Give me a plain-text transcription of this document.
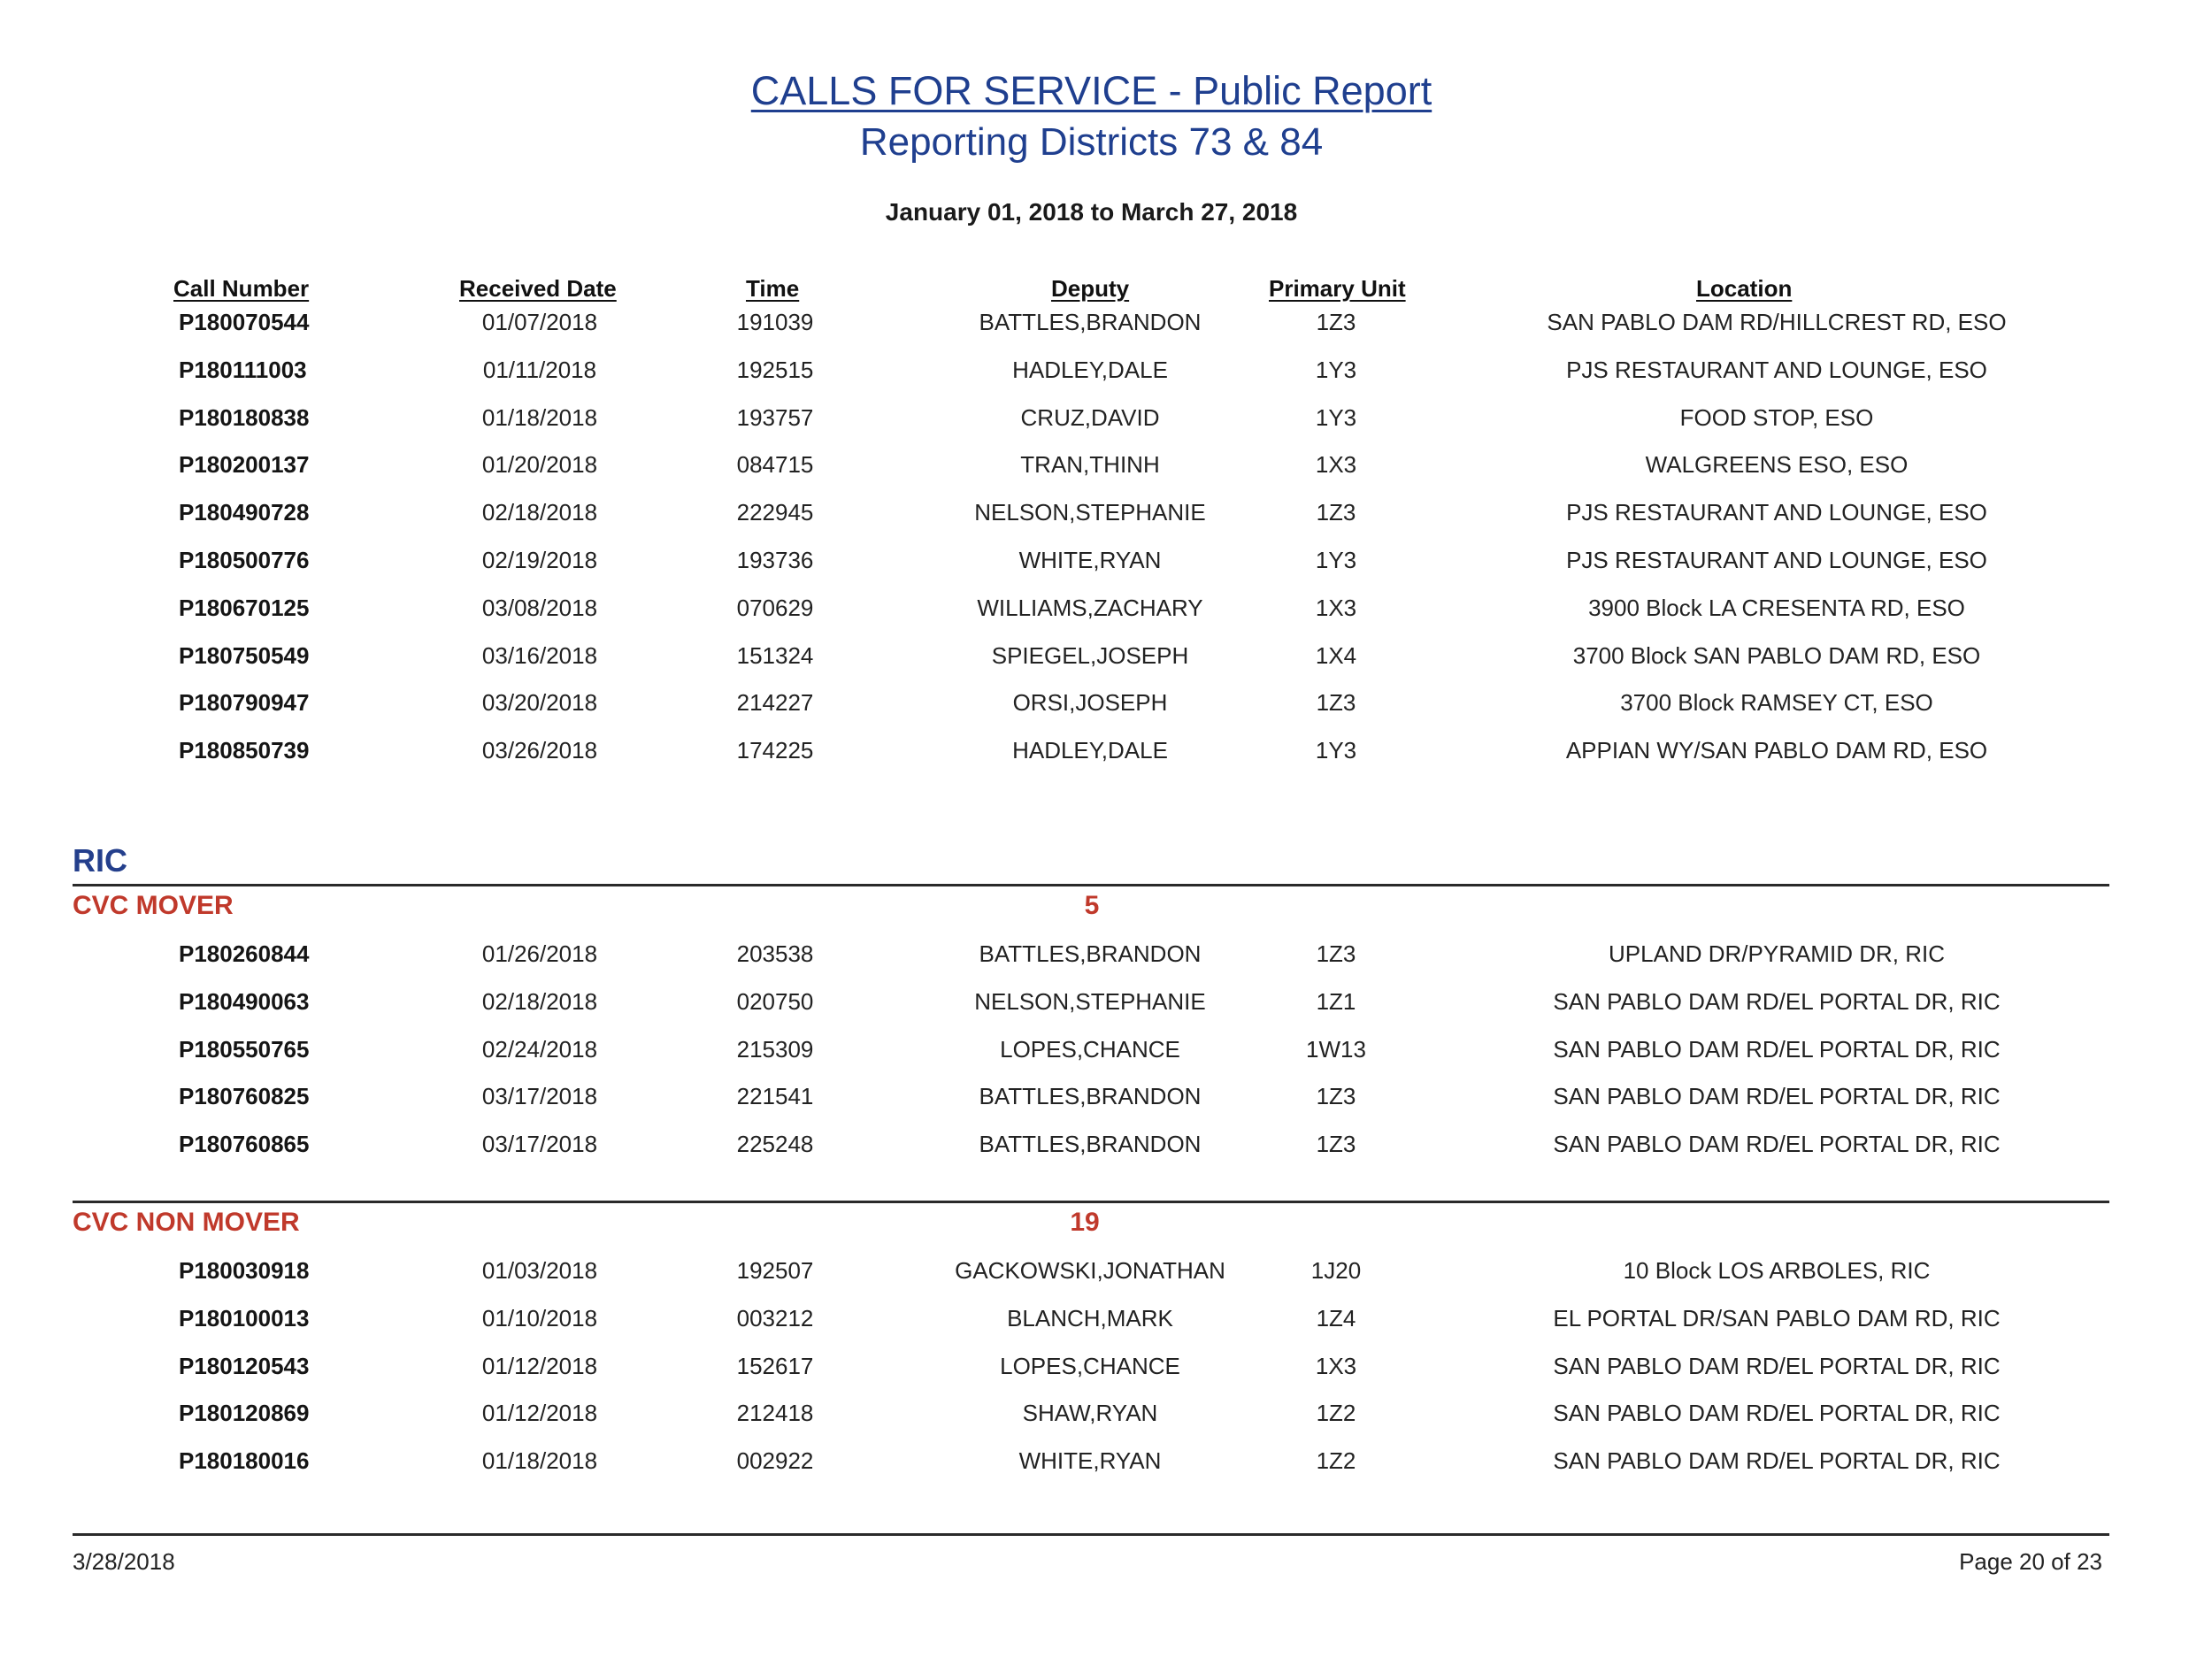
CALLS FOR SERVICE - Public Report
Reporting Districts 73 & 84
January 01, 2018 to March 27, 2018
Call Number	Received Date	Time	Deputy	Primary Unit	Location
P180070544	01/07/2018	191039	BATTLES,BRANDON	1Z3	SAN PABLO DAM RD/HILLCREST RD, ESO
P180111003	01/11/2018	192515	HADLEY,DALE	1Y3	PJS RESTAURANT AND LOUNGE, ESO
P180180838	01/18/2018	193757	CRUZ,DAVID	1Y3	FOOD STOP, ESO
P180200137	01/20/2018	084715	TRAN,THINH	1X3	WALGREENS ESO, ESO
P180490728	02/18/2018	222945	NELSON,STEPHANIE	1Z3	PJS RESTAURANT AND LOUNGE, ESO
P180500776	02/19/2018	193736	WHITE,RYAN	1Y3	PJS RESTAURANT AND LOUNGE, ESO
P180670125	03/08/2018	070629	WILLIAMS,ZACHARY	1X3	3900 Block LA CRESENTA RD, ESO
P180750549	03/16/2018	151324	SPIEGEL,JOSEPH	1X4	3700 Block SAN PABLO DAM RD, ESO
P180790947	03/20/2018	214227	ORSI,JOSEPH	1Z3	3700 Block RAMSEY CT, ESO
P180850739	03/26/2018	174225	HADLEY,DALE	1Y3	APPIAN WY/SAN PABLO DAM RD, ESO
RIC
CVC MOVER	5
P180260844	01/26/2018	203538	BATTLES,BRANDON	1Z3	UPLAND DR/PYRAMID DR, RIC
P180490063	02/18/2018	020750	NELSON,STEPHANIE	1Z1	SAN PABLO DAM RD/EL PORTAL DR, RIC
P180550765	02/24/2018	215309	LOPES,CHANCE	1W13	SAN PABLO DAM RD/EL PORTAL DR, RIC
P180760825	03/17/2018	221541	BATTLES,BRANDON	1Z3	SAN PABLO DAM RD/EL PORTAL DR, RIC
P180760865	03/17/2018	225248	BATTLES,BRANDON	1Z3	SAN PABLO DAM RD/EL PORTAL DR, RIC
CVC NON MOVER	19
P180030918	01/03/2018	192507	GACKOWSKI,JONATHAN	1J20	10 Block LOS ARBOLES, RIC
P180100013	01/10/2018	003212	BLANCH,MARK	1Z4	EL PORTAL DR/SAN PABLO DAM RD, RIC
P180120543	01/12/2018	152617	LOPES,CHANCE	1X3	SAN PABLO DAM RD/EL PORTAL DR, RIC
P180120869	01/12/2018	212418	SHAW,RYAN	1Z2	SAN PABLO DAM RD/EL PORTAL DR, RIC
P180180016	01/18/2018	002922	WHITE,RYAN	1Z2	SAN PABLO DAM RD/EL PORTAL DR, RIC
3/28/2018	Page 20 of 23
